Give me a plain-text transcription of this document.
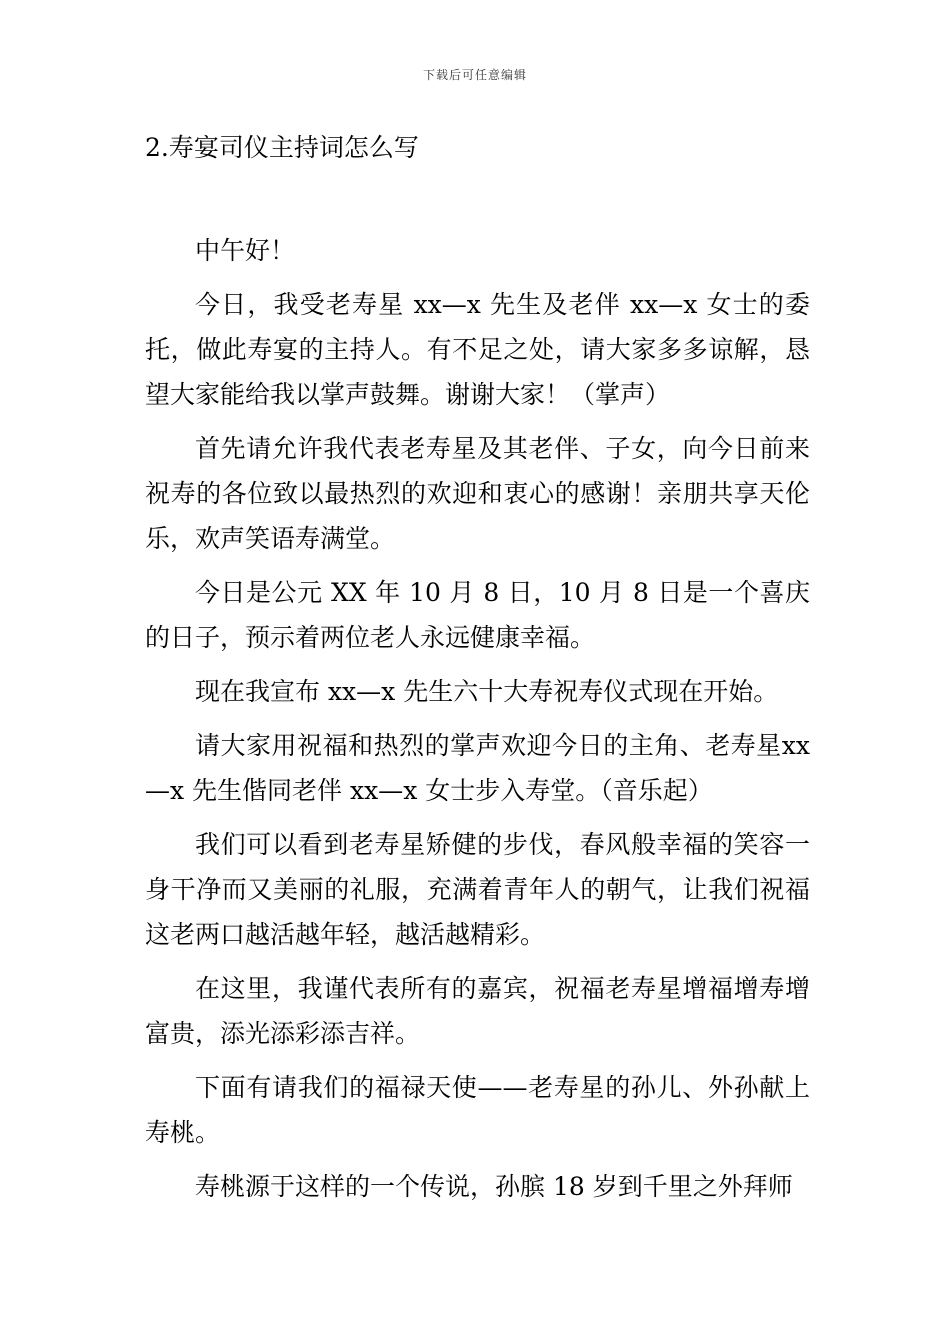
下载后可任意编辑
2.寿宴司仪主持词怎么写

中午好！

今日，我受老寿星 xx—x 先生及老伴 xx—x 女士的委托，做此寿宴的主持人。有不足之处，请大家多多谅解，恳望大家能给我以掌声鼓舞。谢谢大家！（掌声）

首先请允许我代表老寿星及其老伴、子女，向今日前来祝寿的各位致以最热烈的欢迎和衷心的感谢！亲朋共享天伦乐，欢声笑语寿满堂。

今日是公元 XX 年 10 月 8 日，10 月 8 日是一个喜庆的日子，预示着两位老人永远健康幸福。

现在我宣布 xx—x 先生六十大寿祝寿仪式现在开始。

请大家用祝福和热烈的掌声欢迎今日的主角、老寿星xx—x 先生偕同老伴 xx—x 女士步入寿堂。（音乐起）

我们可以看到老寿星矫健的步伐，春风般幸福的笑容一身干净而又美丽的礼服，充满着青年人的朝气，让我们祝福这老两口越活越年轻，越活越精彩。

在这里，我谨代表所有的嘉宾，祝福老寿星增福增寿增富贵，添光添彩添吉祥。

下面有请我们的福禄天使——老寿星的孙儿、外孙献上寿桃。

寿桃源于这样的一个传说，孙膑 18 岁到千里之外拜师
